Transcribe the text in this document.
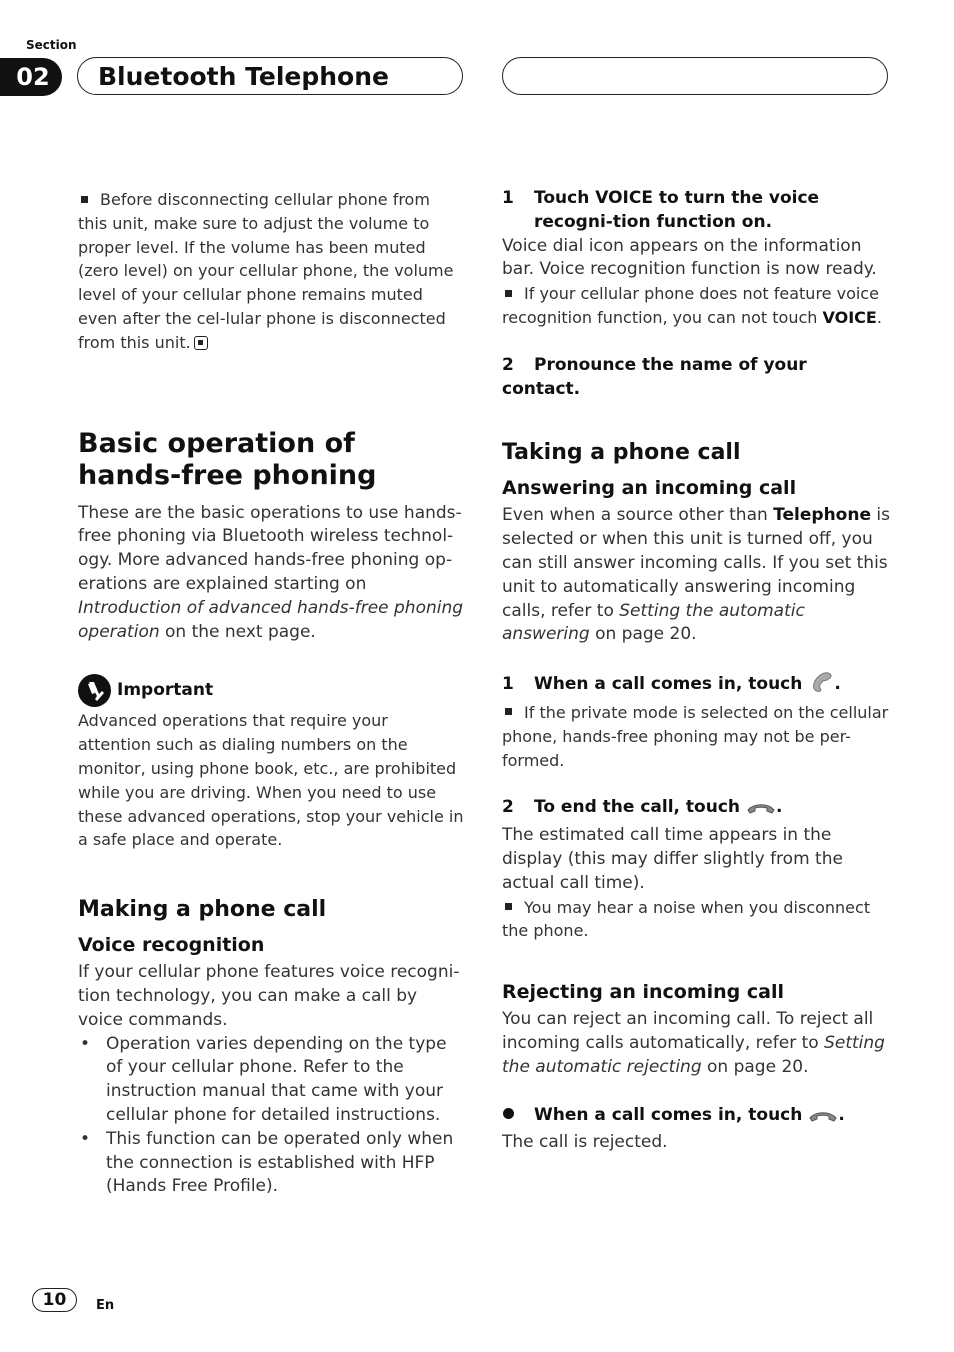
Section
02	Bluetooth Telephone

Before disconnecting cellular phone from this unit, make sure to adjust the volume to proper level. If the volume has been muted (zero level) on your cellular phone, the volume level of your cellular phone remains muted even after the cel-lular phone is disconnected from this unit.

Basic operation of hands-free phoning

These are the basic operations to use hands-free phoning via Bluetooth wireless technol-ogy. More advanced hands-free phoning op-erations are explained starting on Introduction of advanced hands-free phoning operation on the next page.

Important

Advanced operations that require your attention such as dialing numbers on the monitor, using phone book, etc., are prohibited while you are driving. When you need to use these advanced operations, stop your vehicle in a safe place and operate.

Making a phone call
Voice recognition

If your cellular phone features voice recogni-tion technology, you can make a call by voice commands.

• Operation varies depending on the type of your cellular phone. Refer to the instruction manual that came with your cellular phone for detailed instructions.
• This function can be operated only when the connection is established with HFP (Hands Free Profile).
1	Touch VOICE to turn the voice recogni-tion function on.

Voice dial icon appears on the information bar. Voice recognition function is now ready.

If your cellular phone does not feature voice recognition function, you can not touch VOICE.

2 Pronounce the name of your contact.
Taking a phone call
Answering an incoming call

Even when a source other than Telephone is selected or when this unit is turned off, you can still answer incoming calls. If you set this unit to automatically answering incoming calls, refer to Setting the automatic answering on page 20.

1 When a call comes in, touch .

If the private mode is selected on the cellular phone, hands-free phoning may not be per-formed.

2 To end the call, touch .

The estimated call time appears in the display (this may differ slightly from the actual call time).

You may hear a noise when you disconnect the phone.

Rejecting an incoming call

You can reject an incoming call. To reject all incoming calls automatically, refer to Setting the automatic rejecting on page 20.

When a call comes in, touch .

The call is rejected.

10	En
